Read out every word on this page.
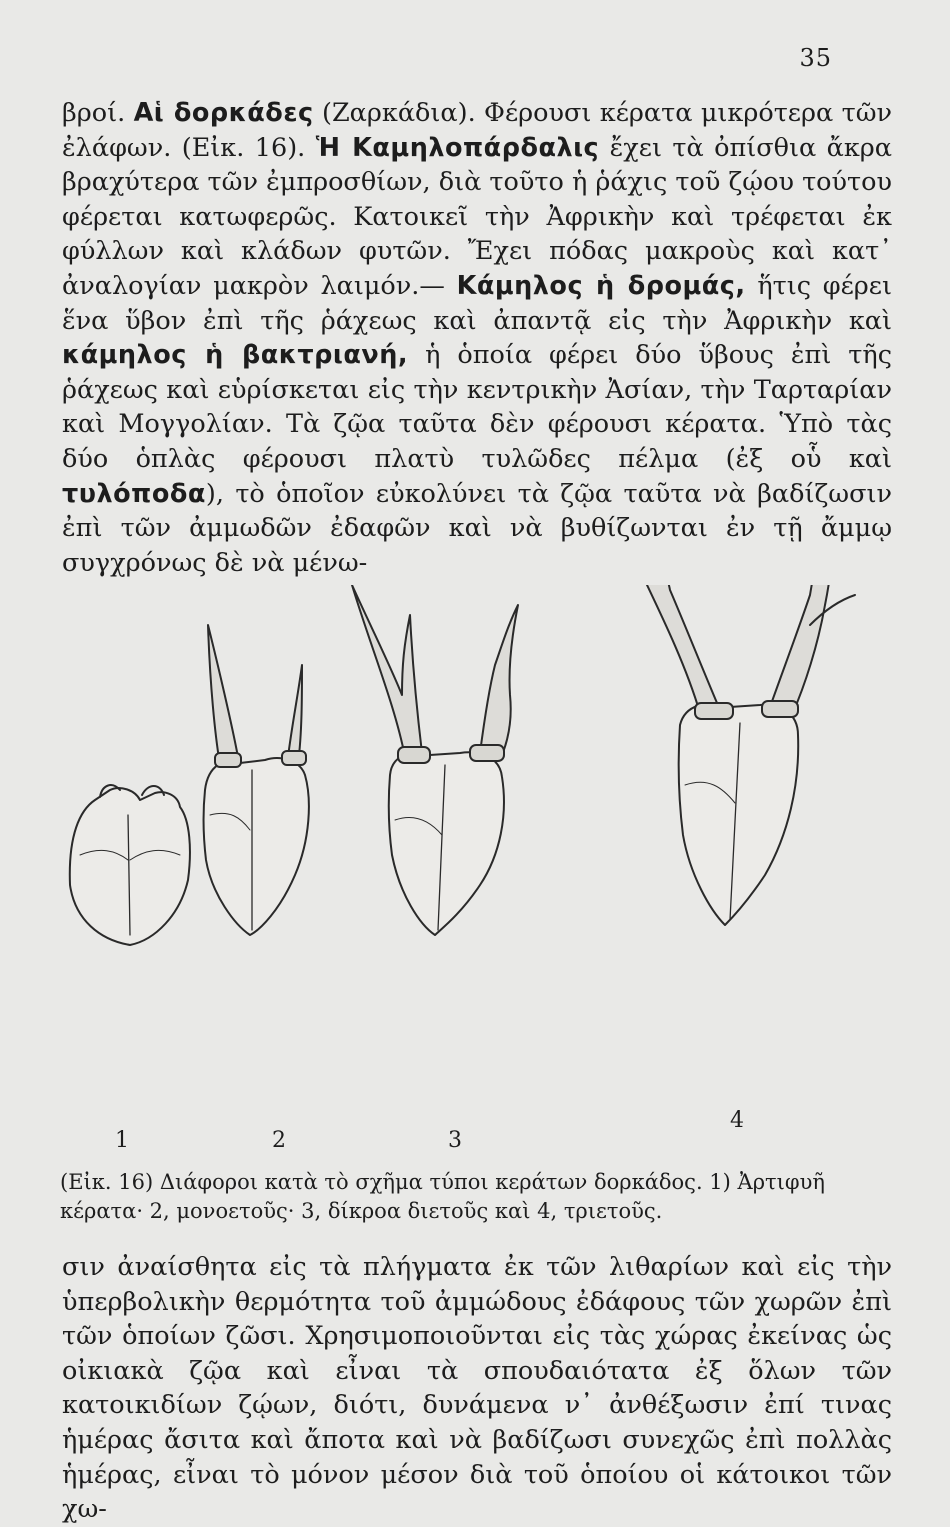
35

βροί. Αἱ δορκάδες (Ζαρκάδια). Φέρουσι κέρατα μικρότερα τῶν ἐλάφων. (Εἰκ. 16). Ἡ Καμηλοπάρδαλις ἔχει τὰ ὀπίσθια ἄκρα βραχύτερα τῶν ἐμπροσθίων, διὰ τοῦτο ἡ ῥάχις τοῦ ζῴου τούτου φέρεται κατωφερῶς. Κατοικεῖ τὴν Ἀφρικὴν καὶ τρέφεται ἐκ φύλλων καὶ κλάδων φυτῶν. Ἔχει πόδας μακροὺς καὶ κατ᾽ ἀναλογίαν μακρὸν λαιμόν.— Κάμηλος ἡ δρομάς, ἥτις φέρει ἕνα ὕβον ἐπὶ τῆς ῥάχεως καὶ ἀπαντᾷ εἰς τὴν Ἀφρικὴν καὶ κάμηλος ἡ βακτριανή, ἡ ὁποία φέρει δύο ὕβους ἐπὶ τῆς ῥάχεως καὶ εὑρίσκεται εἰς τὴν κεντρικὴν Ἀσίαν, τὴν Ταρταρίαν καὶ Μογγολίαν. Τὰ ζῷα ταῦτα δὲν φέρουσι κέρατα. Ὑπὸ τὰς δύο ὁπλὰς φέρουσι πλατὺ τυλῶδες πέλμα (ἐξ οὗ καὶ τυλόποδα), τὸ ὁποῖον εὐκολύνει τὰ ζῷα ταῦτα νὰ βαδίζωσιν ἐπὶ τῶν ἀμμωδῶν ἐδαφῶν καὶ νὰ βυθίζωνται ἐν τῇ ἄμμῳ συγχρόνως δὲ νὰ μένω-

1	2	3
4
(Εἰκ. 16) Διάφοροι κατὰ τὸ σχῆμα τύποι κεράτων δορκάδος. 1) Ἀρτιφυῆ κέρατα· 2, μονοετοῦς· 3, δίκροα διετοῦς καὶ 4, τριετοῦς.

σιν ἀναίσθητα εἰς τὰ πλήγματα ἐκ τῶν λιθαρίων καὶ εἰς τὴν ὑπερβολικὴν θερμότητα τοῦ ἀμμώδους ἐδάφους τῶν χωρῶν ἐπὶ τῶν ὁποίων ζῶσι. Χρησιμοποιοῦνται εἰς τὰς χώρας ἐκείνας ὡς οἰκιακὰ ζῷα καὶ εἶναι τὰ σπουδαιότατα ἐξ ὅλων τῶν κατοικιδίων ζῴων, διότι, δυνάμενα ν᾽ ἀνθέξωσιν ἐπί τινας ἡμέρας ἄσιτα καὶ ἄποτα καὶ νὰ βαδίζωσι συνεχῶς ἐπὶ πολλὰς ἡμέρας, εἶναι τὸ μόνον μέσον διὰ τοῦ ὁποίου οἱ κάτοικοι τῶν χω-
